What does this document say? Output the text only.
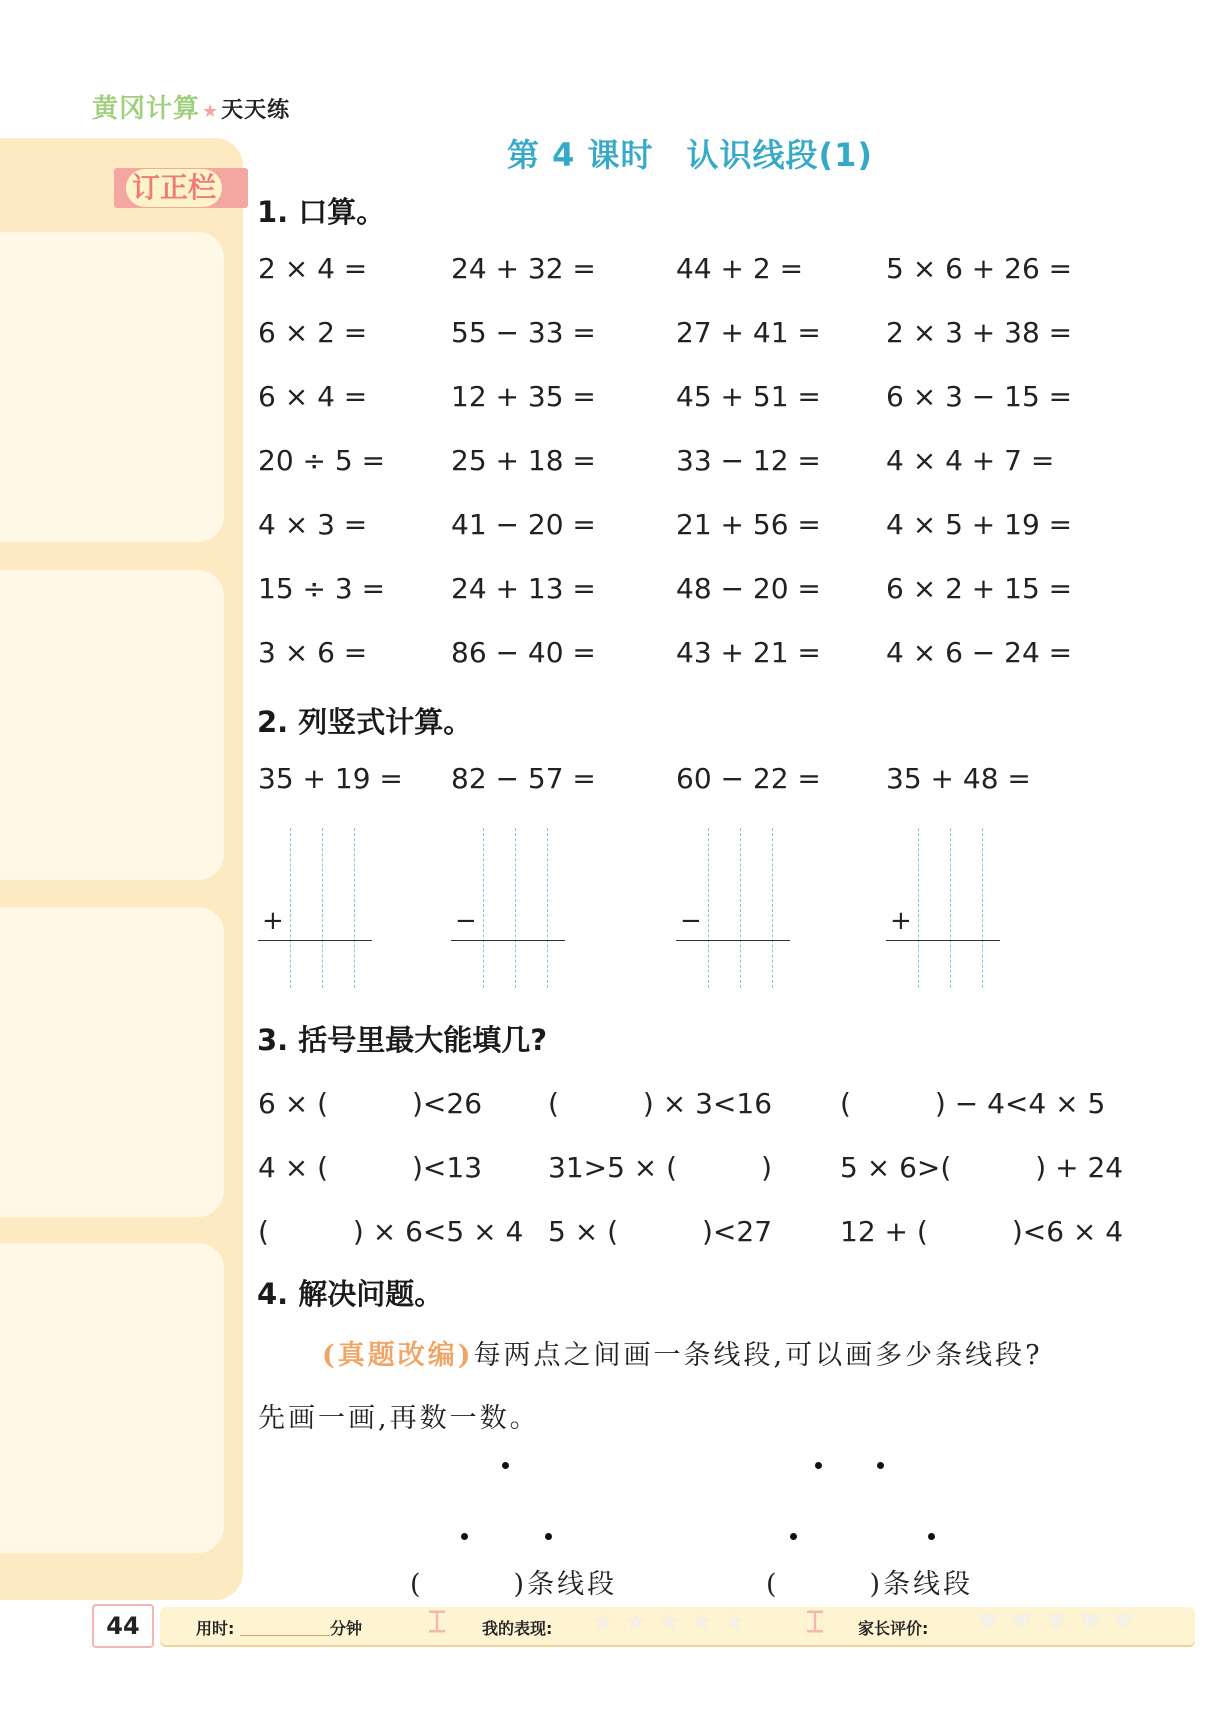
黄冈计算 ★天天练
订正栏
第 4 课时　认识线段(1)
1. 口算。
2 × 4 =	24 + 32 =	44 + 2 =	5 × 6 + 26 =
6 × 2 =	55 − 33 =	27 + 41 = 2 × 3 + 38 =
6 × 4 =	12 + 35 =	45 + 51 = 6 × 3 − 15 =
20 ÷ 5 = 25 + 18 =	33 − 12 = 4 × 4 + 7 =
4 × 3 =	41 − 20 =	21 + 56 = 4 × 5 + 19 =
15 ÷ 3 = 24 + 13 =	48 − 20 = 6 × 2 + 15 =
3 × 6 =	86 − 40 =	43 + 21 = 4 × 6 − 24 =
2. 列竖式计算。
35 + 19 =
+
82 − 57 =
−
60 − 22 =
−
35 + 48 =
+
3. 括号里最大能填几?
6 × (　　　)<26 (　　　) × 3<16 (　　　) − 4<4 × 5
4 × (　　　)<13 31>5 × (　　　) 5 × 6>(　　　) + 24
(　　　) × 6<5 × 4 5 × (　　　)<27 12 + (　　　)<6 × 4
4. 解决问题。
(真题改编)每两点之间画一条线段,可以画多少条线段?
先画一画,再数一数。
(　　　)条线段	(　　　)条线段
44	用时:	分钟 ⌶ 我的表现: ★ ★ ★ ★ ★ ⌶ 家长评价: ♥ ♥ ♥ ♥ ♥
